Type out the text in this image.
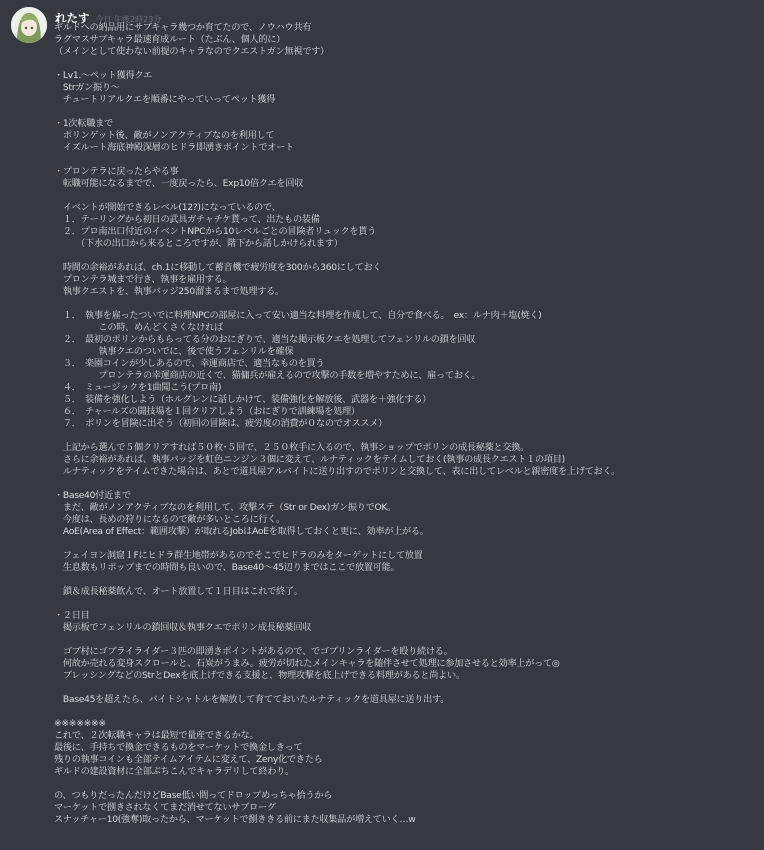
れたす 今日 午後2時23分
ギルドへの納品用にサブキャラ幾つか育てたので、ノウハウ共有
ラグマスサブキャラ最速育成ルート（たぶん、個人的に）
（メインとして使わない前提のキャラなのでクエストガン無視です）
・Lv1.～ペット獲得クエ
　Strガン振り～
　チュートリアルクエを順番にやっていってペット獲得
・1次転職まで
　ポリンゲット後、敵がノンアクティブなのを利用して
　イズルート海底神殿深層のヒドラ即湧きポイントでオート
・プロンテラに戻ったらやる事
　転職可能になるまでで、一度戻ったら、Exp10倍クエを回収
　イベントが開始できるレベル(12?)になっているので、
　１．テーリングから初日の武具ガチャチケ貰って、出たもの装備
　２．プロ南出口付近のイベントNPCから10レベルごとの冒険者リュックを貰う
　　　（下水の出口から来るところですが、階下から話しかけられます）
　時間の余裕があれば、ch.1に移動して蓄音機で疲労度を300から360にしておく
　プロンテラ城まで行き、執事を雇用する。
　執事クエストを、執事バッジ250溜まるまで処理する。
　１．　執事を雇ったついでに料理NPCの部屋に入って安い適当な料理を作成して、自分で食べる。　ex：ルナ肉＋塩(焼く)
　　　　　この時、めんどくさくなければ
　２．　最初のポリンからもらってる分のおにぎりで、適当な掲示板クエを処理してフェンリルの鎖を回収
　　　　　執事クエのついでに、後で使うフェンリルを確保
　３．　楽園コインが少しあるので、幸運商店で、適当なものを買う
　　　　　プロンテラの幸運商店の近くで、猫傭兵が雇えるので攻撃の手数を増やすために、雇っておく。
　４．　ミュージックを1曲聞こう(プロ南)
　５．　装備を強化しよう（ホルグレンに話しかけて、装備強化を解放後、武器を＋強化する）
　６．　チャールズの闘技場を１回クリアしよう（おにぎりで訓練場を処理）
　７．　ポリンを冒険に出そう（初回の冒険は、疲労度の消費が０なのでオススメ）
　上記から選んで５個クリアすれば５０枚･５回で、２５０枚手に入るので、執事ショップでポリンの成長秘薬と交換。
　さらに余裕があれば、執事バッジを虹色ニンジン３個に変えて、ルナティックをテイムしておく(執事の成長クエスト１の項目)
　ルナティックをテイムできた場合は、あとで道具屋アルバイトに送り出すのでポリンと交換して、表に出してレベルと親密度を上げておく。
・Base40付近まで
　まだ、敵がノンアクティブなのを利用して、攻撃ステ（Str or Dex)ガン振りでOK。
　今度は、長めの狩りになるので敵が多いところに行く。
　AoE(Area of Effect：範囲攻撃）が取れるJobはAoEを取得しておくと更に、効率が上がる。
　フェイヨン洞窟１Fにヒドラ群生地帯があるのでそこでヒドラのみをターゲットにして放置
　生息数もリポップまでの時間も良いので、Base40～45辺りまではここで放置可能。
　鎖＆成長秘薬飲んで、オート放置して１日目はこれで終了。
・２日目
　掲示板でフェンリルの鎖回収＆執事クエでポリン成長秘薬回収
　ゴブ村にゴブライライダー３匹の即湧きポイントがあるので、でゴブリンライダーを殴り続ける。
　何故か売れる変身スクロールと、石炭がうまみ。疲労が切れたメインキャラを随伴させて処理に参加させると効率上がって◎
　ブレッシングなどのStrとDexを底上げできる支援と、物理攻撃を底上げできる料理があると尚よい。
　Base45を超えたら、バイトシャトルを解放して育てておいたルナティックを道具屋に送り出す。
※※※※※※※
これで、２次転職キャラは最短で量産できるかな。
最後に、手持ちで換金できるものをマーケットで換金しきって
残りの執事コインも全部テイムアイテムに変えて、Zeny化できたら
ギルドの建設資材に全部ぶちこんでキャラデリして終わり。
の、つもりだったんだけどBase低い間ってドロップめっちゃ拾うから
マーケットで捌きされなくてまだ消せてないサブローグ
スナッチャー10(強奪)取ったから、マーケットで捌ききる前にまた収集品が増えていく…w
